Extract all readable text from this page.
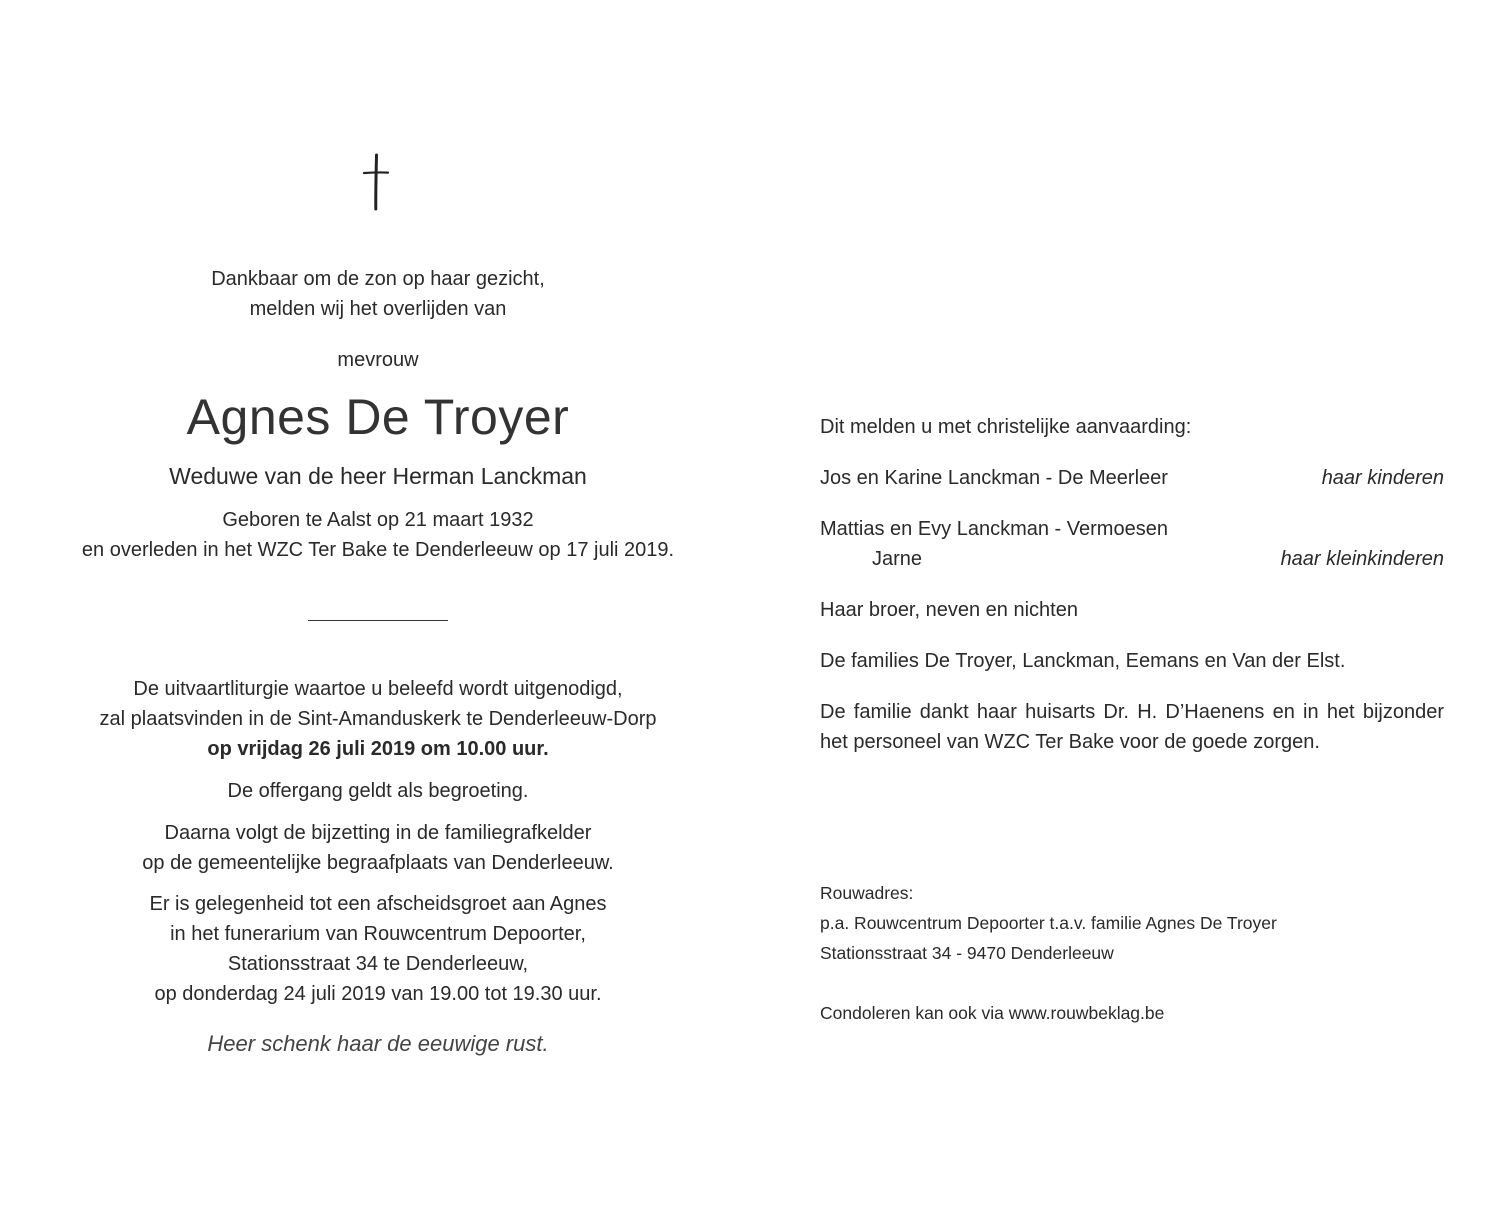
Dankbaar om de zon op haar gezicht,
melden wij het overlijden van
mevrouw
Agnes De Troyer
Weduwe van de heer Herman Lanckman
Geboren te Aalst op 21 maart 1932
en overleden in het WZC Ter Bake te Denderleeuw op 17 juli 2019.
De uitvaartliturgie waartoe u beleefd wordt uitgenodigd,
zal plaatsvinden in de Sint-Amanduskerk te Denderleeuw-Dorp
op vrijdag 26 juli 2019 om 10.00 uur.
De offergang geldt als begroeting.
Daarna volgt de bijzetting in de familiegrafkelder
op de gemeentelijke begraafplaats van Denderleeuw.
Er is gelegenheid tot een afscheidsgroet aan Agnes
in het funerarium van Rouwcentrum Depoorter,
Stationsstraat 34 te Denderleeuw,
op donderdag 24 juli 2019 van 19.00 tot 19.30 uur.
Heer schenk haar de eeuwige rust.
Dit melden u met christelijke aanvaarding:
Jos en Karine Lanckman - De Meerleer	haar kinderen
Mattias en Evy Lanckman - Vermoesen
Jarne	haar kleinkinderen
Haar broer, neven en nichten
De families De Troyer, Lanckman, Eemans en Van der Elst.
De familie dankt haar huisarts Dr. H. D’Haenens en in het bijzonder het personeel van WZC Ter Bake voor de goede zorgen.
Rouwadres:
p.a. Rouwcentrum Depoorter t.a.v. familie Agnes De Troyer
Stationsstraat 34 - 9470 Denderleeuw
Condoleren kan ook via www.rouwbeklag.be
